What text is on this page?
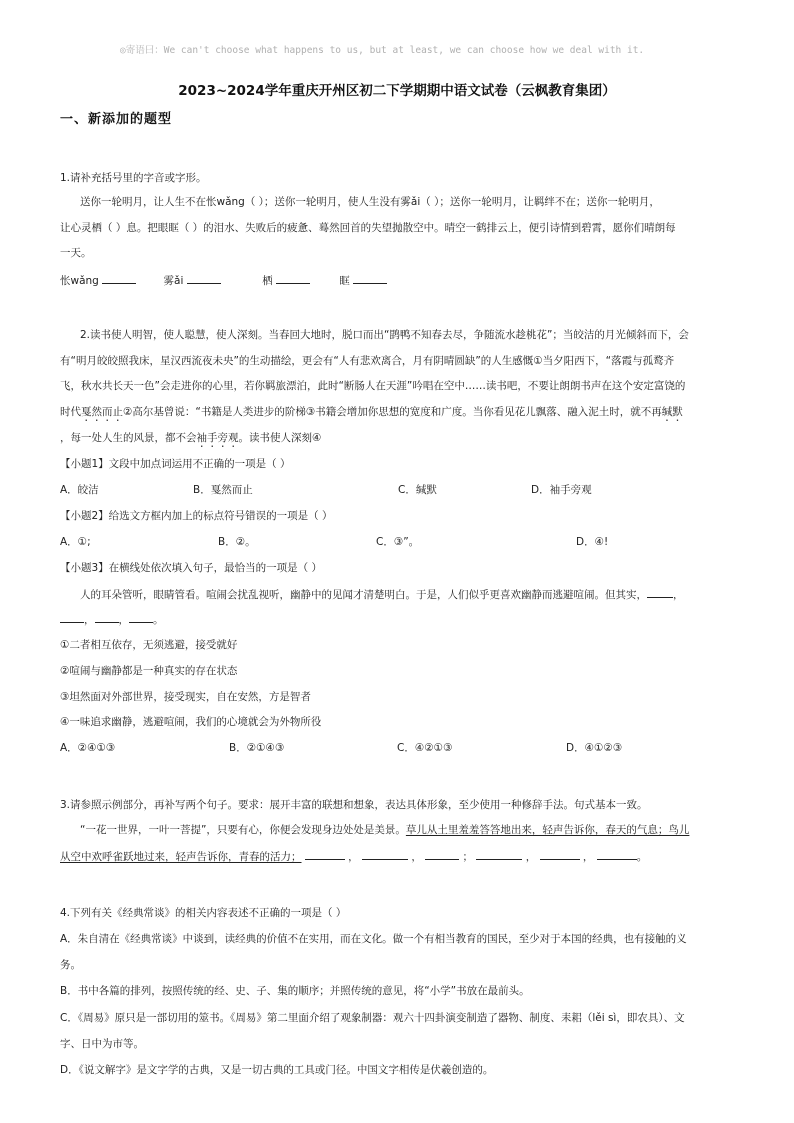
◎寄语曰：We can't choose what happens to us, but at least, we can choose how we deal with it.
2023~2024学年重庆开州区初二下学期期中语文试卷（云枫教育集团）
一、新添加的题型
1.请补充括号里的字音或字形。
送你一轮明月，让人生不在怅wǎng（ ）；送你一轮明月，使人生没有雾ǎi（ ）；送你一轮明月，让羁绊不在；送你一轮明月，
让心灵栖（ ）息。把眼眶（ ）的泪水、失败后的疲惫、蓦然回首的失望抛散空中。晴空一鹤排云上，便引诗情到碧霄，愿你们晴朗每
一天。
怅wǎng	雾ǎi	栖	眶
2.读书使人明智，使人聪慧，使人深刻。当春回大地时，脱口而出“鹍鸭不知春去尽，争随流水趁桃花”；当皎洁的月光倾斜而下，会
有“明月皎皎照我床，星汉西流夜未央”的生动描绘，更会有“人有悲欢离合，月有阴晴圆缺”的人生感慨①当夕阳西下，“落霞与孤鹜齐
飞，秋水共长天一色”会走进你的心里，若你羁旅漂泊，此时“断肠人在天涯”吟唱在空中……读书吧，不要让朗朗书声在这个安定富饶的
时代戛然而止②高尔基曾说：“书籍是人类进步的阶梯③书籍会增加你思想的宽度和广度。当你看见花儿飘落、融入泥土时，就不再缄默
，每一处人生的风景，都不会袖手旁观。读书使人深刻④
【小题1】文段中加点词运用不正确的一项是（ ）
A．皎洁	B．戛然而止	C．缄默	D．袖手旁观
【小题2】给选文方框内加上的标点符号错误的一项是（ ）
A．①;	B．②。	C．③”。	D．④!
【小题3】在横线处依次填入句子，最恰当的一项是（ ）
人的耳朵管听，眼睛管看。喧闹会扰乱视听，幽静中的见闻才清楚明白。于是，人们似乎更喜欢幽静而逃避喧闹。但其实， ，
， ， 。
①二者相互依存，无须逃避，接受就好
②喧闹与幽静都是一种真实的存在状态
③坦然面对外部世界，接受现实，自在安然，方是智者
④一味追求幽静，逃避喧闹，我们的心境就会为外物所役
A．②④①③	B．②①④③	C．④②①③	D．④①②③
3.请参照示例部分，再补写两个句子。要求：展开丰富的联想和想象，表达具体形象，至少使用一种修辞手法。句式基本一致。
“一花一世界，一叶一菩提”，只要有心，你便会发现身边处处是美景。草儿从土里羞羞答答地出来，轻声告诉你，春天的气息；鸟儿
从空中欢呼雀跃地过来，轻声告诉你，青春的活力；	，	，	；	，	，	。
4.下列有关《经典常谈》的相关内容表述不正确的一项是（ ）
A．朱自清在《经典常谈》中谈到，读经典的价值不在实用，而在文化。做一个有相当教育的国民，至少对于本国的经典，也有接触的义
务。
B．书中各篇的排列，按照传统的经、史、子、集的顺序；并照传统的意见，将“小学”书放在最前头。
C．《周易》原只是一部切用的筮书。《周易》第二里面介绍了观象制器：观六十四卦演变制造了器物、制度、耒耜（lěi sì，即农具）、文
字、日中为市等。
D．《说文解字》是文字学的古典，又是一切古典的工具或门径。中国文字相传是伏羲创造的。
